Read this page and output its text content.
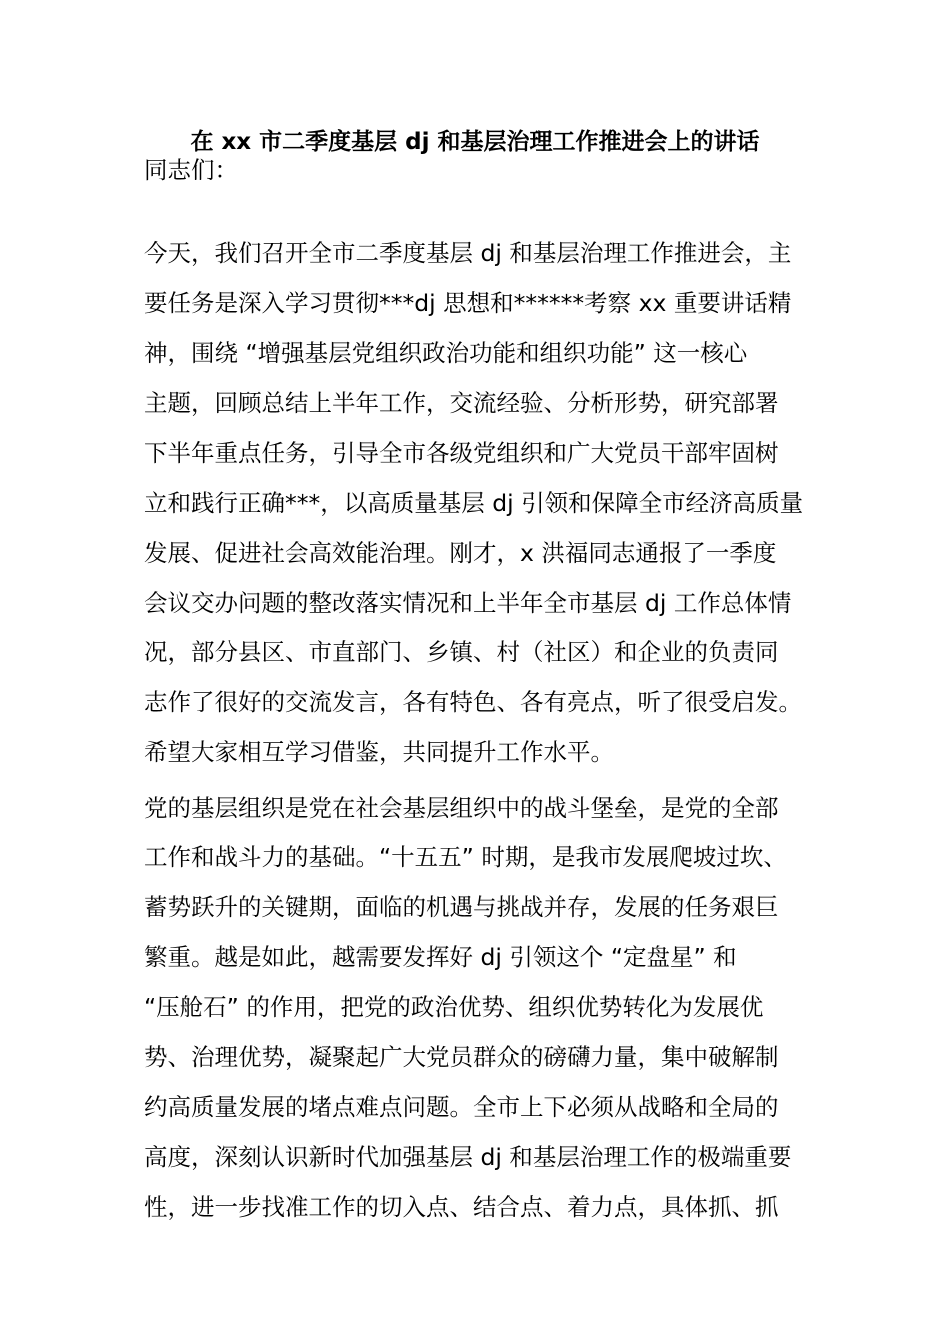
在 xx 市二季度基层 dj 和基层治理工作推进会上的讲话
同志们：
今天，我们召开全市二季度基层 dj 和基层治理工作推进会，主
要任务是深入学习贯彻***dj 思想和******考察 xx 重要讲话精
神，围绕 “增强基层党组织政治功能和组织功能” 这一核心
主题，回顾总结上半年工作，交流经验、分析形势，研究部署
下半年重点任务，引导全市各级党组织和广大党员干部牢固树
立和践行正确***，以高质量基层 dj 引领和保障全市经济高质量
发展、促进社会高效能治理。刚才，x 洪福同志通报了一季度
会议交办问题的整改落实情况和上半年全市基层 dj 工作总体情
况，部分县区、市直部门、乡镇、村（社区）和企业的负责同
志作了很好的交流发言，各有特色、各有亮点，听了很受启发。
希望大家相互学习借鉴，共同提升工作水平。
党的基层组织是党在社会基层组织中的战斗堡垒，是党的全部
工作和战斗力的基础。“十五五” 时期，是我市发展爬坡过坎、
蓄势跃升的关键期，面临的机遇与挑战并存，发展的任务艰巨
繁重。越是如此，越需要发挥好 dj 引领这个 “定盘星” 和
“压舱石” 的作用，把党的政治优势、组织优势转化为发展优
势、治理优势，凝聚起广大党员群众的磅礴力量，集中破解制
约高质量发展的堵点难点问题。全市上下必须从战略和全局的
高度，深刻认识新时代加强基层 dj 和基层治理工作的极端重要
性，进一步找准工作的切入点、结合点、着力点，具体抓、抓
